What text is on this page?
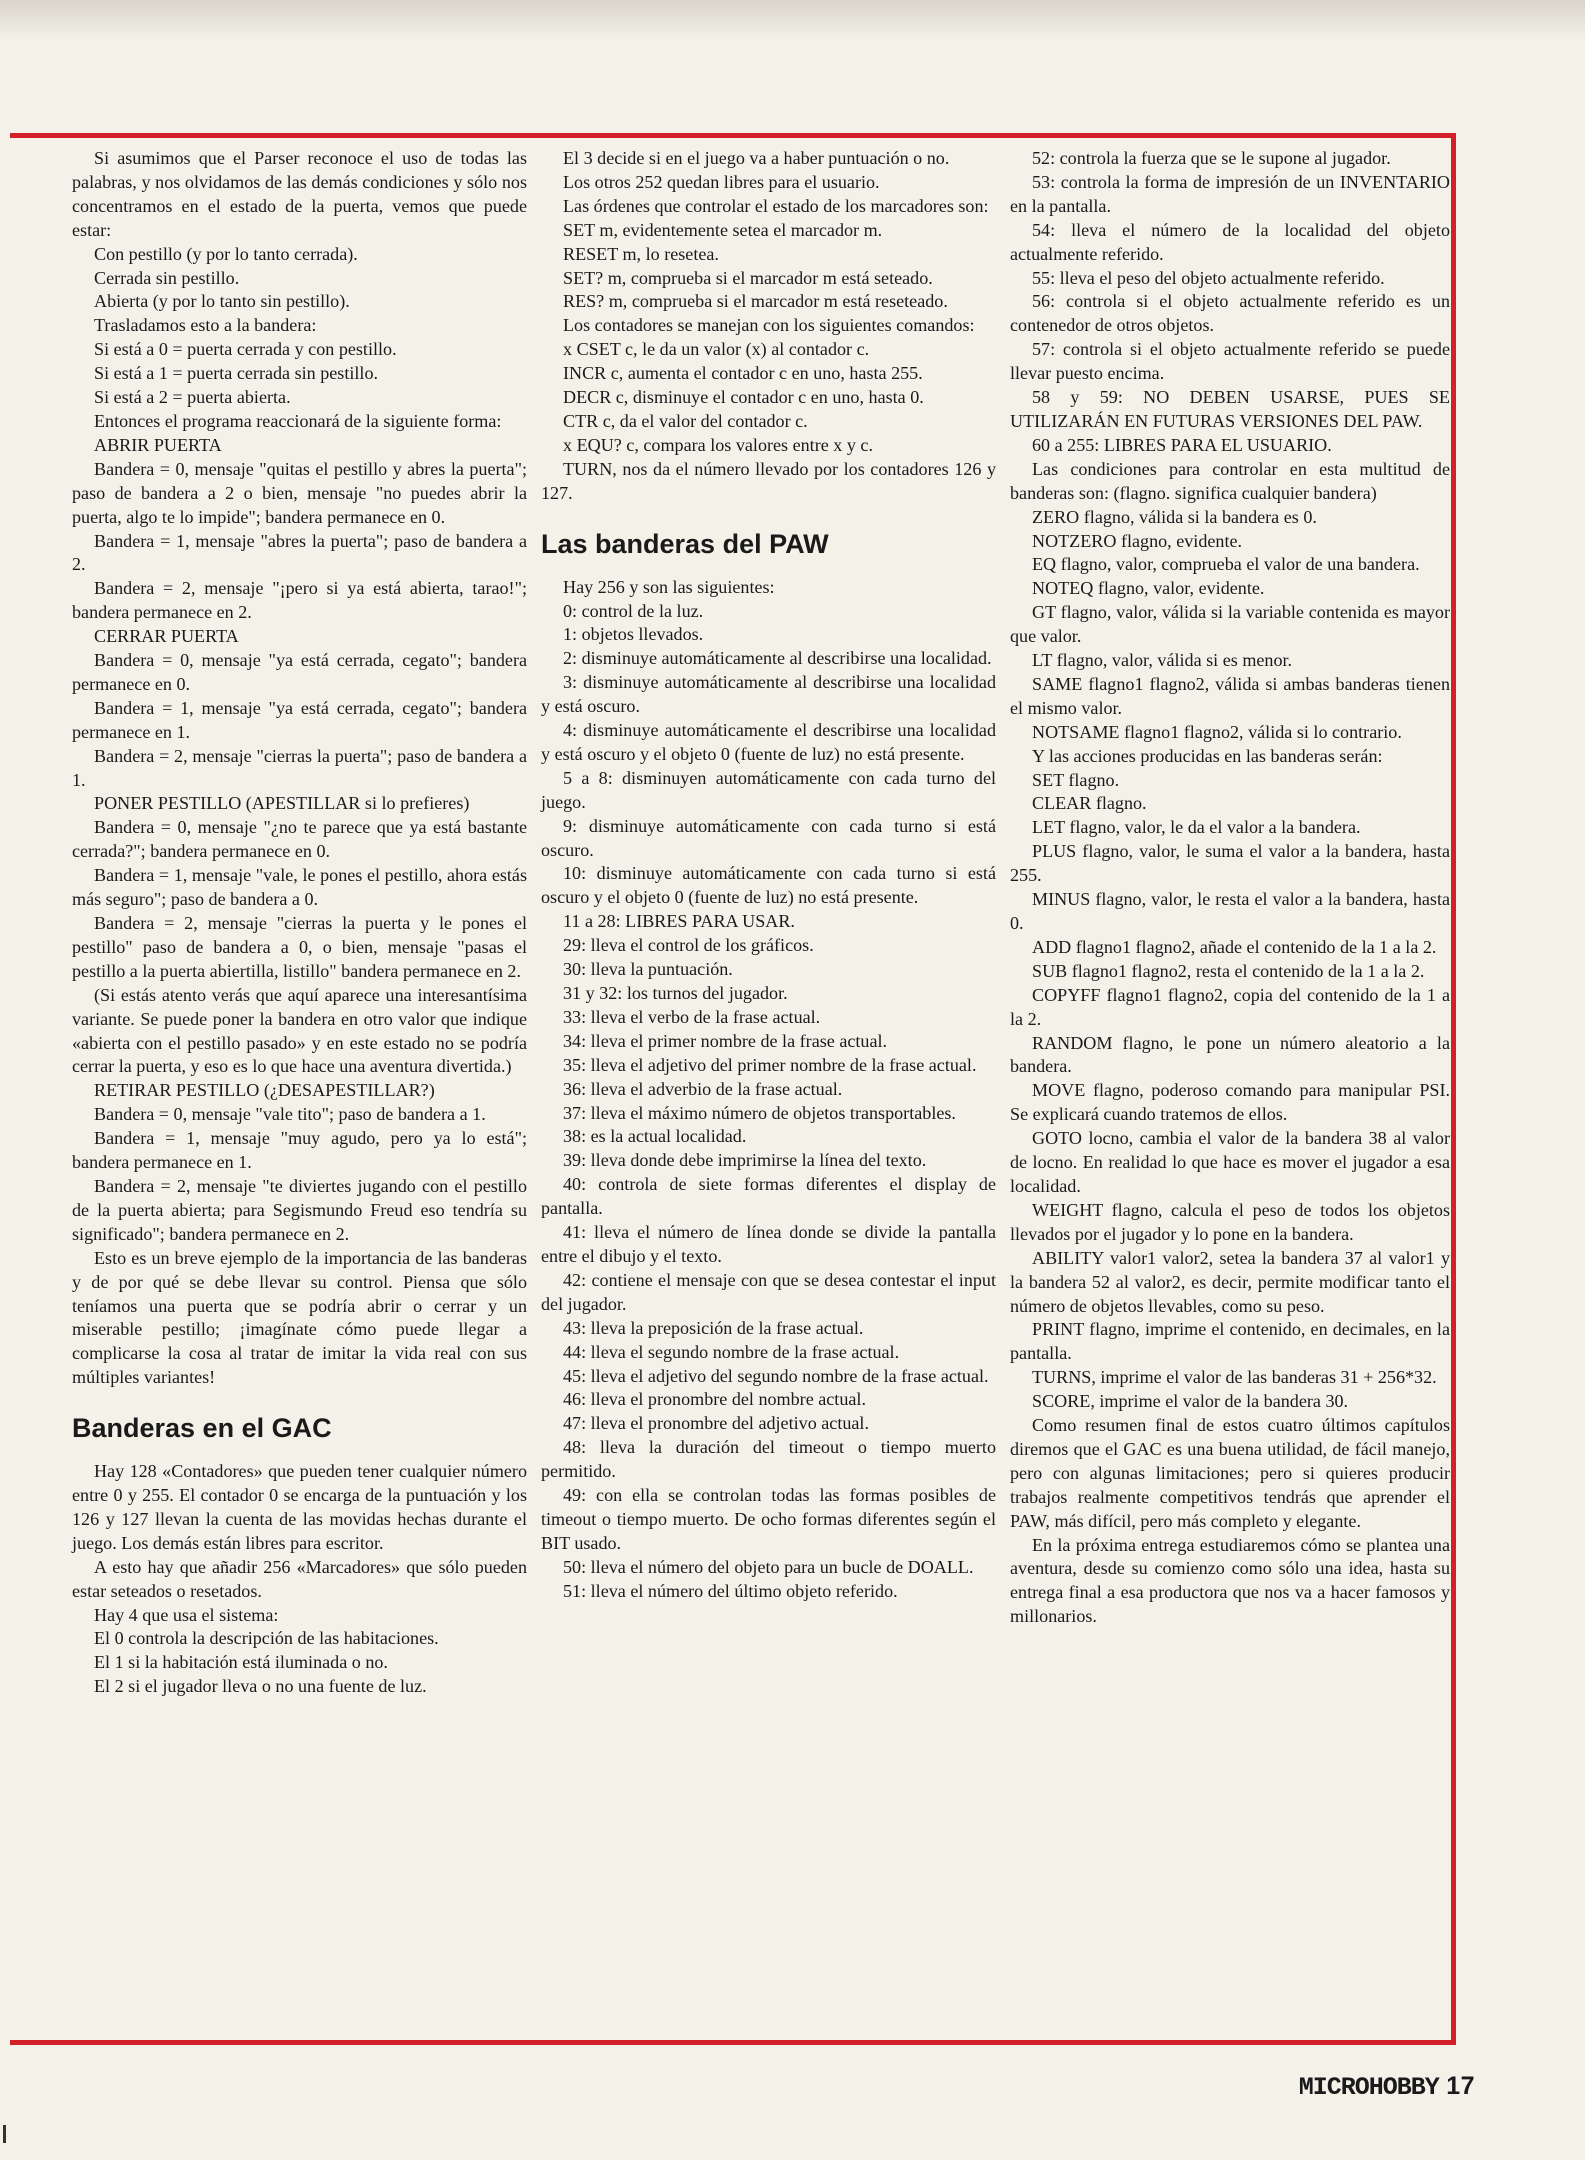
Si asumimos que el Parser reconoce el uso de todas las palabras, y nos olvidamos de las demás condiciones y sólo nos concentramos en el estado de la puerta, vemos que puede estar:

Con pestillo (y por lo tanto cerrada).

Cerrada sin pestillo.

Abierta (y por lo tanto sin pestillo).

Trasladamos esto a la bandera:

Si está a 0 = puerta cerrada y con pestillo.

Si está a 1 = puerta cerrada sin pestillo.

Si está a 2 = puerta abierta.

Entonces el programa reaccionará de la siguiente forma:

ABRIR PUERTA

Bandera = 0, mensaje "quitas el pestillo y abres la puerta"; paso de bandera a 2 o bien, mensaje "no puedes abrir la puerta, algo te lo impide"; bandera permanece en 0.

Bandera = 1, mensaje "abres la puerta"; paso de bandera a 2.

Bandera = 2, mensaje "¡pero si ya está abierta, tarao!"; bandera permanece en 2.

CERRAR PUERTA

Bandera = 0, mensaje "ya está cerrada, cegato"; bandera permanece en 0.

Bandera = 1, mensaje "ya está cerrada, cegato"; bandera permanece en 1.

Bandera = 2, mensaje "cierras la puerta"; paso de bandera a 1.

PONER PESTILLO (APESTILLAR si lo prefieres)

Bandera = 0, mensaje "¿no te parece que ya está bastante cerrada?"; bandera permanece en 0.

Bandera = 1, mensaje "vale, le pones el pestillo, ahora estás más seguro"; paso de bandera a 0.

Bandera = 2, mensaje "cierras la puerta y le pones el pestillo" paso de bandera a 0, o bien, mensaje "pasas el pestillo a la puerta abiertilla, listillo" bandera permanece en 2.

(Si estás atento verás que aquí aparece una interesantísima variante. Se puede poner la bandera en otro valor que indique «abierta con el pestillo pasado» y en este estado no se podría cerrar la puerta, y eso es lo que hace una aventura divertida.)

RETIRAR PESTILLO (¿DESAPESTILLAR?)

Bandera = 0, mensaje "vale tito"; paso de bandera a 1.

Bandera = 1, mensaje "muy agudo, pero ya lo está"; bandera permanece en 1.

Bandera = 2, mensaje "te diviertes jugando con el pestillo de la puerta abierta; para Segismundo Freud eso tendría su significado"; bandera permanece en 2.

Esto es un breve ejemplo de la importancia de las banderas y de por qué se debe llevar su control. Piensa que sólo teníamos una puerta que se podría abrir o cerrar y un miserable pestillo; ¡imagínate cómo puede llegar a complicarse la cosa al tratar de imitar la vida real con sus múltiples variantes!

Banderas en el GAC

Hay 128 «Contadores» que pueden tener cualquier número entre 0 y 255. El contador 0 se encarga de la puntuación y los 126 y 127 llevan la cuenta de las movidas hechas durante el juego. Los demás están libres para escritor.

A esto hay que añadir 256 «Marcadores» que sólo pueden estar seteados o resetados.

Hay 4 que usa el sistema:

El 0 controla la descripción de las habitaciones.

El 1 si la habitación está iluminada o no.

El 2 si el jugador lleva o no una fuente de luz.

El 3 decide si en el juego va a haber puntuación o no.

Los otros 252 quedan libres para el usuario.

Las órdenes que controlar el estado de los marcadores son:

SET m, evidentemente setea el marcador m.

RESET m, lo resetea.

SET? m, comprueba si el marcador m está seteado.

RES? m, comprueba si el marcador m está reseteado.

Los contadores se manejan con los siguientes comandos:

x CSET c, le da un valor (x) al contador c.

INCR c, aumenta el contador c en uno, hasta 255.

DECR c, disminuye el contador c en uno, hasta 0.

CTR c, da el valor del contador c.

x EQU? c, compara los valores entre x y c.

TURN, nos da el número llevado por los contadores 126 y 127.

Las banderas del PAW

Hay 256 y son las siguientes:

0: control de la luz.

1: objetos llevados.

2: disminuye automáticamente al describirse una localidad.

3: disminuye automáticamente al describirse una localidad y está oscuro.

4: disminuye automáticamente el describirse una localidad y está oscuro y el objeto 0 (fuente de luz) no está presente.

5 a 8: disminuyen automáticamente con cada turno del juego.

9: disminuye automáticamente con cada turno si está oscuro.

10: disminuye automáticamente con cada turno si está oscuro y el objeto 0 (fuente de luz) no está presente.

11 a 28: LIBRES PARA USAR.

29: lleva el control de los gráficos.

30: lleva la puntuación.

31 y 32: los turnos del jugador.

33: lleva el verbo de la frase actual.

34: lleva el primer nombre de la frase actual.

35: lleva el adjetivo del primer nombre de la frase actual.

36: lleva el adverbio de la frase actual.

37: lleva el máximo número de objetos transportables.

38: es la actual localidad.

39: lleva donde debe imprimirse la línea del texto.

40: controla de siete formas diferentes el display de pantalla.

41: lleva el número de línea donde se divide la pantalla entre el dibujo y el texto.

42: contiene el mensaje con que se desea contestar el input del jugador.

43: lleva la preposición de la frase actual.

44: lleva el segundo nombre de la frase actual.

45: lleva el adjetivo del segundo nombre de la frase actual.

46: lleva el pronombre del nombre actual.

47: lleva el pronombre del adjetivo actual.

48: lleva la duración del timeout o tiempo muerto permitido.

49: con ella se controlan todas las formas posibles de timeout o tiempo muerto. De ocho formas diferentes según el BIT usado.

50: lleva el número del objeto para un bucle de DOALL.

51: lleva el número del último objeto referido.

52: controla la fuerza que se le supone al jugador.

53: controla la forma de impresión de un INVENTARIO en la pantalla.

54: lleva el número de la localidad del objeto actualmente referido.

55: lleva el peso del objeto actualmente referido.

56: controla si el objeto actualmente referido es un contenedor de otros objetos.

57: controla si el objeto actualmente referido se puede llevar puesto encima.

58 y 59: NO DEBEN USARSE, PUES SE UTILIZARÁN EN FUTURAS VERSIONES DEL PAW.

60 a 255: LIBRES PARA EL USUARIO.

Las condiciones para controlar en esta multitud de banderas son: (flagno. significa cualquier bandera)

ZERO flagno, válida si la bandera es 0.

NOTZERO flagno, evidente.

EQ flagno, valor, comprueba el valor de una bandera.

NOTEQ flagno, valor, evidente.

GT flagno, valor, válida si la variable contenida es mayor que valor.

LT flagno, valor, válida si es menor.

SAME flagno1 flagno2, válida si ambas banderas tienen el mismo valor.

NOTSAME flagno1 flagno2, válida si lo contrario.

Y las acciones producidas en las banderas serán:

SET flagno.

CLEAR flagno.

LET flagno, valor, le da el valor a la bandera.

PLUS flagno, valor, le suma el valor a la bandera, hasta 255.

MINUS flagno, valor, le resta el valor a la bandera, hasta 0.

ADD flagno1 flagno2, añade el contenido de la 1 a la 2.

SUB flagno1 flagno2, resta el contenido de la 1 a la 2.

COPYFF flagno1 flagno2, copia del contenido de la 1 a la 2.

RANDOM flagno, le pone un número aleatorio a la bandera.

MOVE flagno, poderoso comando para manipular PSI. Se explicará cuando tratemos de ellos.

GOTO locno, cambia el valor de la bandera 38 al valor de locno. En realidad lo que hace es mover el jugador a esa localidad.

WEIGHT flagno, calcula el peso de todos los objetos llevados por el jugador y lo pone en la bandera.

ABILITY valor1 valor2, setea la bandera 37 al valor1 y la bandera 52 al valor2, es decir, permite modificar tanto el número de objetos llevables, como su peso.

PRINT flagno, imprime el contenido, en decimales, en la pantalla.

TURNS, imprime el valor de las banderas 31 + 256*32.

SCORE, imprime el valor de la bandera 30.

Como resumen final de estos cuatro últimos capítulos diremos que el GAC es una buena utilidad, de fácil manejo, pero con algunas limitaciones; pero si quieres producir trabajos realmente competitivos tendrás que aprender el PAW, más difícil, pero más completo y elegante.

En la próxima entrega estudiaremos cómo se plantea una aventura, desde su comienzo como sólo una idea, hasta su entrega final a esa productora que nos va a hacer famosos y millonarios.

MICROHOBBY 17
